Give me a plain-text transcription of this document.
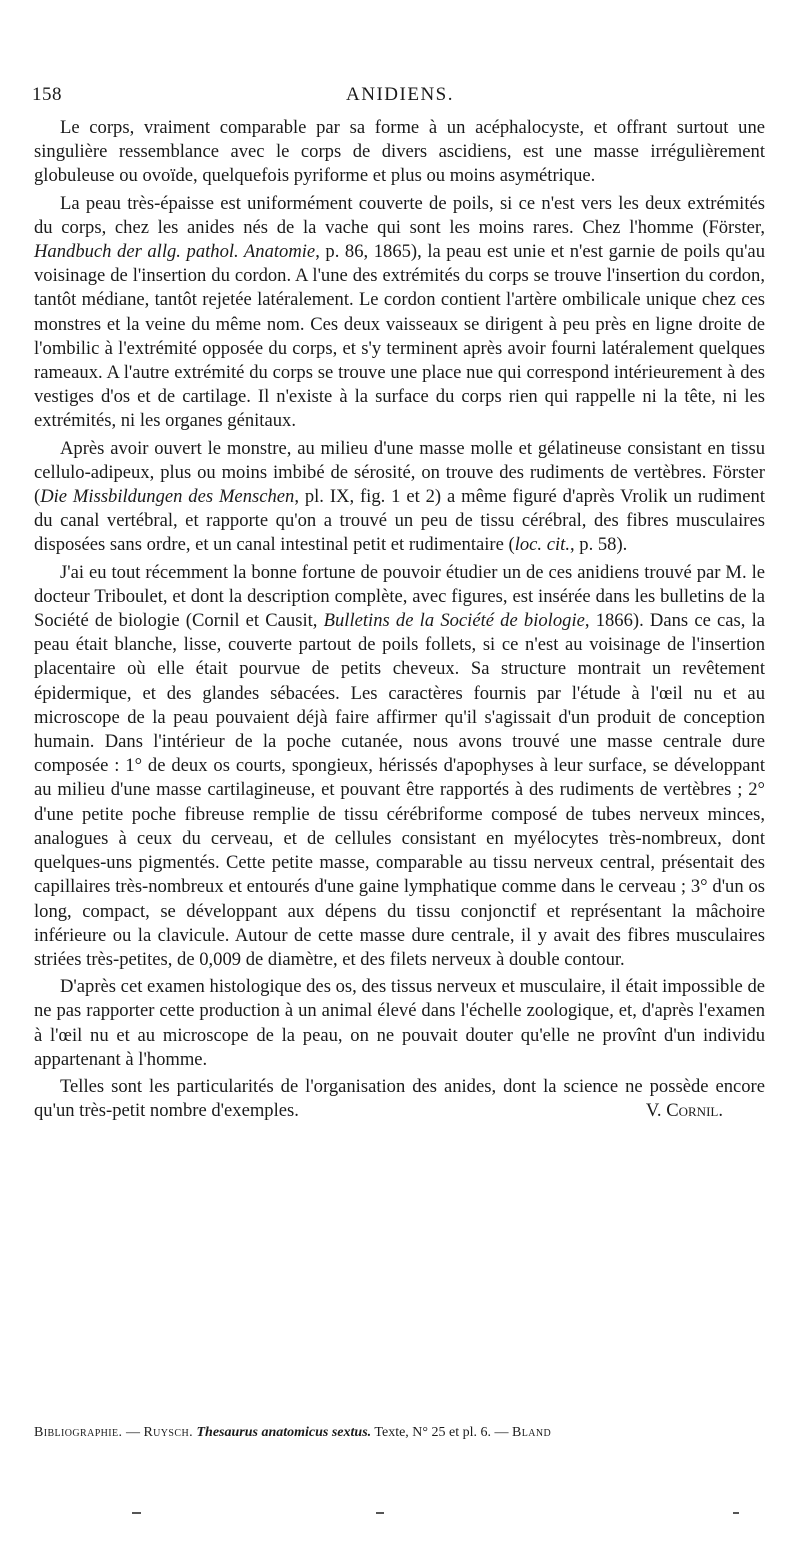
158	ANIDIENS.

Le corps, vraiment comparable par sa forme à un acéphalocyste, et offrant surtout une singulière ressemblance avec le corps de divers ascidiens, est une masse irrégulièrement globuleuse ou ovoïde, quelquefois pyriforme et plus ou moins asymétrique.

La peau très-épaisse est uniformément couverte de poils, si ce n'est vers les deux extrémités du corps, chez les anides nés de la vache qui sont les moins rares. Chez l'homme (Förster, Handbuch der allg. pathol. Anatomie, p. 86, 1865), la peau est unie et n'est garnie de poils qu'au voisinage de l'insertion du cordon. A l'une des extrémités du corps se trouve l'insertion du cordon, tantôt médiane, tantôt rejetée latéralement. Le cordon contient l'artère ombilicale unique chez ces monstres et la veine du même nom. Ces deux vaisseaux se dirigent à peu près en ligne droite de l'ombilic à l'extrémité opposée du corps, et s'y terminent après avoir fourni latéralement quelques rameaux. A l'autre extrémité du corps se trouve une place nue qui correspond intérieurement à des vestiges d'os et de cartilage. Il n'existe à la surface du corps rien qui rappelle ni la tête, ni les extrémités, ni les organes génitaux.

Après avoir ouvert le monstre, au milieu d'une masse molle et gélatineuse consistant en tissu cellulo-adipeux, plus ou moins imbibé de sérosité, on trouve des rudiments de vertèbres. Förster (Die Missbildungen des Menschen, pl. IX, fig. 1 et 2) a même figuré d'après Vrolik un rudiment du canal vertébral, et rapporte qu'on a trouvé un peu de tissu cérébral, des fibres musculaires disposées sans ordre, et un canal intestinal petit et rudimentaire (loc. cit., p. 58).

J'ai eu tout récemment la bonne fortune de pouvoir étudier un de ces anidiens trouvé par M. le docteur Triboulet, et dont la description complète, avec figures, est insérée dans les bulletins de la Société de biologie (Cornil et Causit, Bulletins de la Société de biologie, 1866). Dans ce cas, la peau était blanche, lisse, couverte partout de poils follets, si ce n'est au voisinage de l'insertion placentaire où elle était pourvue de petits cheveux. Sa structure montrait un revêtement épidermique, et des glandes sébacées. Les caractères fournis par l'étude à l'œil nu et au microscope de la peau pouvaient déjà faire affirmer qu'il s'agissait d'un produit de conception humain. Dans l'intérieur de la poche cutanée, nous avons trouvé une masse centrale dure composée : 1° de deux os courts, spongieux, hérissés d'apophyses à leur surface, se développant au milieu d'une masse cartilagineuse, et pouvant être rapportés à des rudiments de vertèbres ; 2° d'une petite poche fibreuse remplie de tissu cérébriforme composé de tubes nerveux minces, analogues à ceux du cerveau, et de cellules consistant en myélocytes très-nombreux, dont quelques-uns pigmentés. Cette petite masse, comparable au tissu nerveux central, présentait des capillaires très-nombreux et entourés d'une gaine lymphatique comme dans le cerveau ; 3° d'un os long, compact, se développant aux dépens du tissu conjonctif et représentant la mâchoire inférieure ou la clavicule. Autour de cette masse dure centrale, il y avait des fibres musculaires striées très-petites, de 0,009 de diamètre, et des filets nerveux à double contour.

D'après cet examen histologique des os, des tissus nerveux et musculaire, il était impossible de ne pas rapporter cette production à un animal élevé dans l'échelle zoologique, et, d'après l'examen à l'œil nu et au microscope de la peau, on ne pouvait douter qu'elle ne provînt d'un individu appartenant à l'homme.

Telles sont les particularités de l'organisation des anides, dont la science ne possède encore qu'un très-petit nombre d'exemples.	V. Cornil.

Bibliographie. — Ruysch. Thesaurus anatomicus sextus. Texte, N° 25 et pl. 6. — Bland
